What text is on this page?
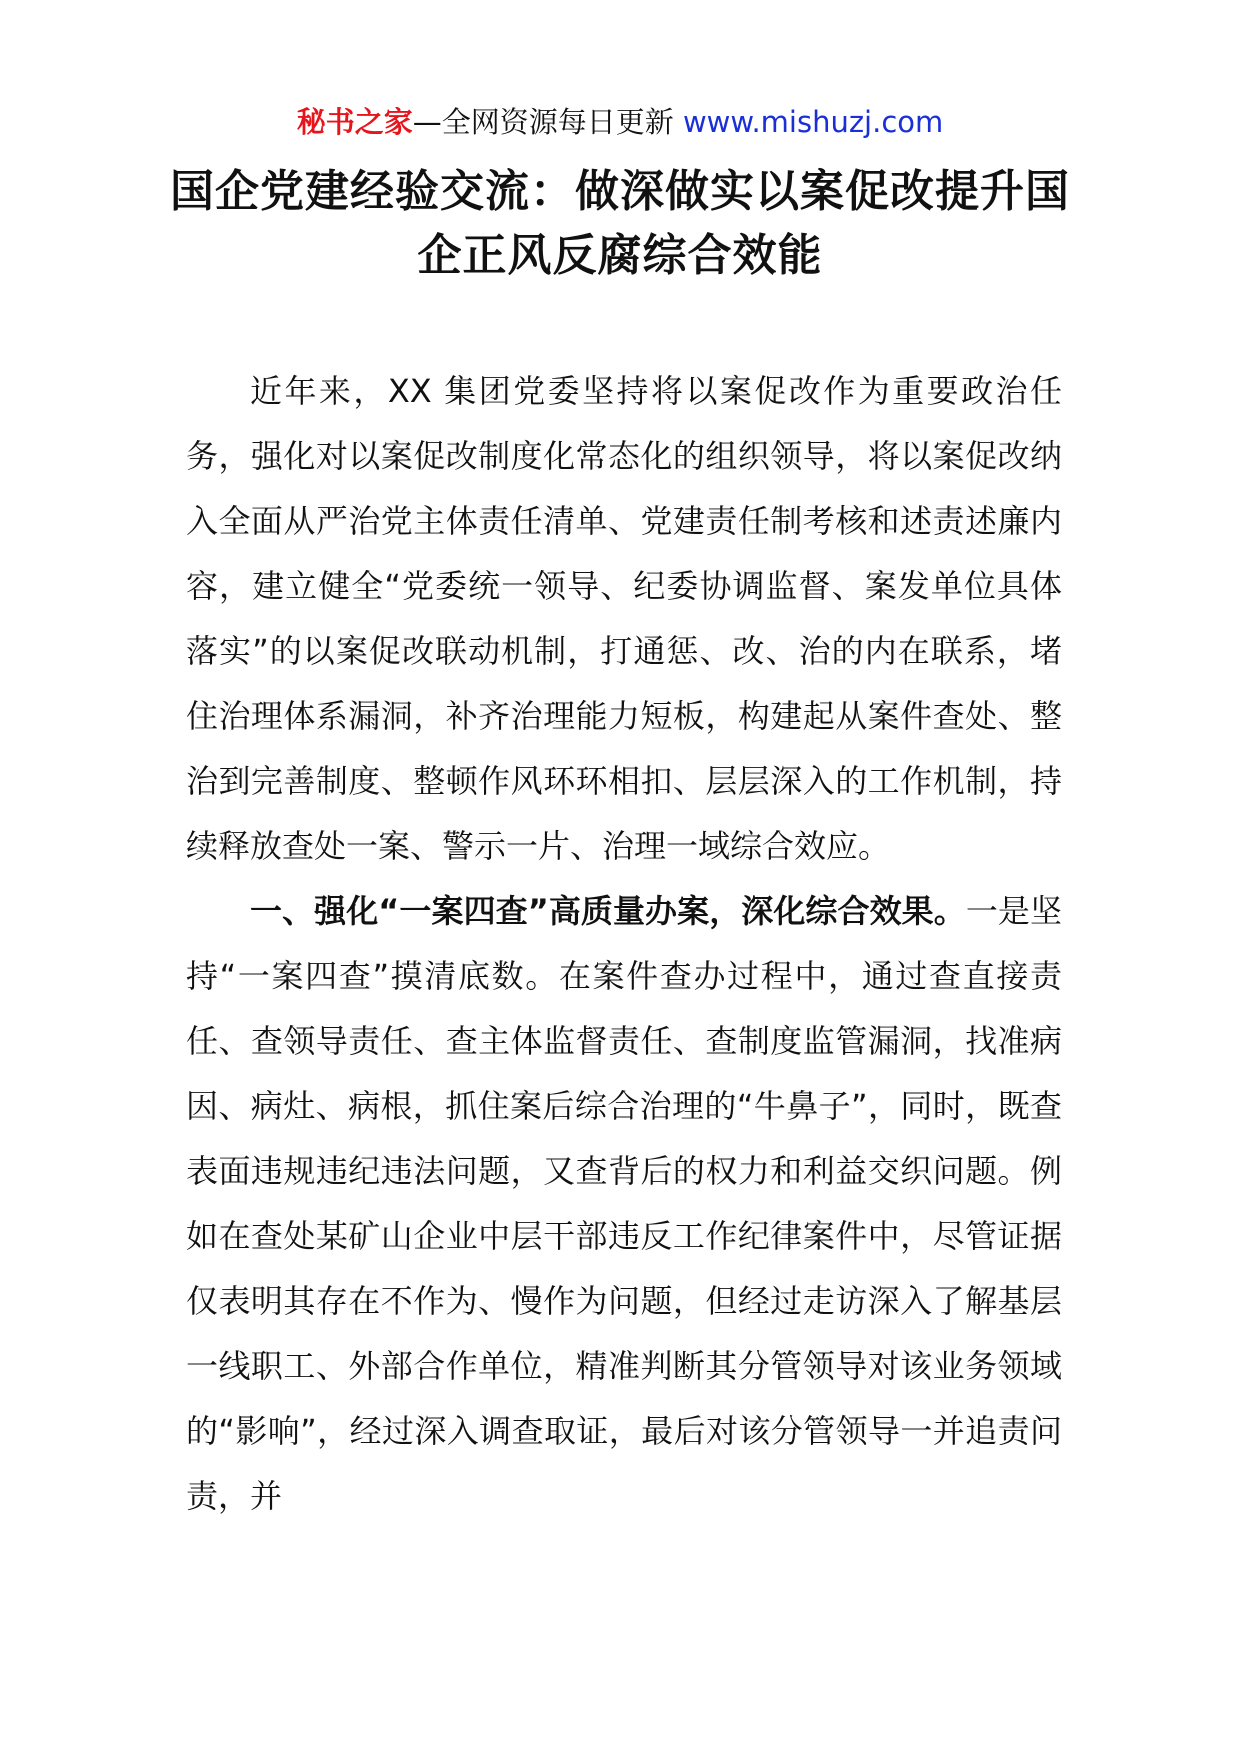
秘书之家—全网资源每日更新 www.mishuzj.com
国企党建经验交流：做深做实以案促改提升国企正风反腐综合效能

近年来，XX 集团党委坚持将以案促改作为重要政治任务，强化对以案促改制度化常态化的组织领导，将以案促改纳入全面从严治党主体责任清单、党建责任制考核和述责述廉内容，建立健全“党委统一领导、纪委协调监督、案发单位具体落实”的以案促改联动机制，打通惩、改、治的内在联系，堵住治理体系漏洞，补齐治理能力短板，构建起从案件查处、整治到完善制度、整顿作风环环相扣、层层深入的工作机制，持续释放查处一案、警示一片、治理一域综合效应。

一、强化“一案四查”高质量办案，深化综合效果。一是坚持“一案四查”摸清底数。在案件查办过程中，通过查直接责任、查领导责任、查主体监督责任、查制度监管漏洞，找准病因、病灶、病根，抓住案后综合治理的“牛鼻子”，同时，既查表面违规违纪违法问题，又查背后的权力和利益交织问题。例如在查处某矿山企业中层干部违反工作纪律案件中，尽管证据仅表明其存在不作为、慢作为问题，但经过走访深入了解基层一线职工、外部合作单位，精准判断其分管领导对该业务领域的“影响”，经过深入调查取证，最后对该分管领导一并追责问责，并
